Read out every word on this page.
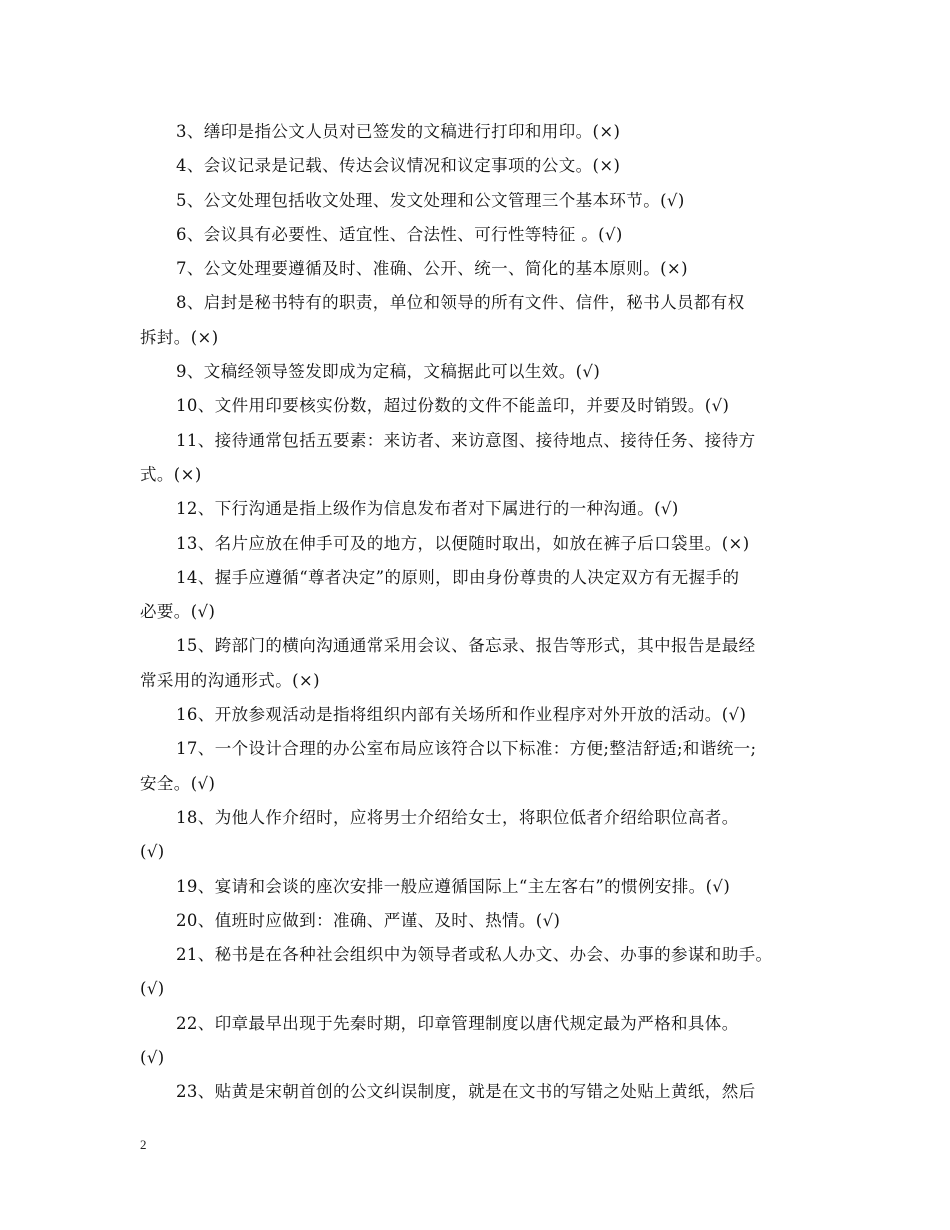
3、缮印是指公文人员对已签发的文稿进行打印和用印。(×)
4、会议记录是记载、传达会议情况和议定事项的公文。(×)
5、公文处理包括收文处理、发文处理和公文管理三个基本环节。(√)
6、会议具有必要性、适宜性、合法性、可行性等特征 。(√)
7、公文处理要遵循及时、准确、公开、统一、简化的基本原则。(×)
8、启封是秘书特有的职责，单位和领导的所有文件、信件，秘书人员都有权
拆封。(×)
9、文稿经领导签发即成为定稿，文稿据此可以生效。(√)
10、文件用印要核实份数，超过份数的文件不能盖印，并要及时销毁。(√)
11、接待通常包括五要素：来访者、来访意图、接待地点、接待任务、接待方
式。(×)
12、下行沟通是指上级作为信息发布者对下属进行的一种沟通。(√)
13、名片应放在伸手可及的地方，以便随时取出，如放在裤子后口袋里。(×)
14、握手应遵循“尊者决定”的原则，即由身份尊贵的人决定双方有无握手的
必要。(√)
15、跨部门的横向沟通通常采用会议、备忘录、报告等形式，其中报告是最经
常采用的沟通形式。(×)
16、开放参观活动是指将组织内部有关场所和作业程序对外开放的活动。(√)
17、一个设计合理的办公室布局应该符合以下标准：方便;整洁舒适;和谐统一;
安全。(√)
18、为他人作介绍时，应将男士介绍给女士，将职位低者介绍给职位高者。
(√)
19、宴请和会谈的座次安排一般应遵循国际上“主左客右”的惯例安排。(√)
20、值班时应做到：准确、严谨、及时、热情。(√)
21、秘书是在各种社会组织中为领导者或私人办文、办会、办事的参谋和助手。
(√)
22、印章最早出现于先秦时期，印章管理制度以唐代规定最为严格和具体。
(√)
23、贴黄是宋朝首创的公文纠误制度，就是在文书的写错之处贴上黄纸，然后
2
